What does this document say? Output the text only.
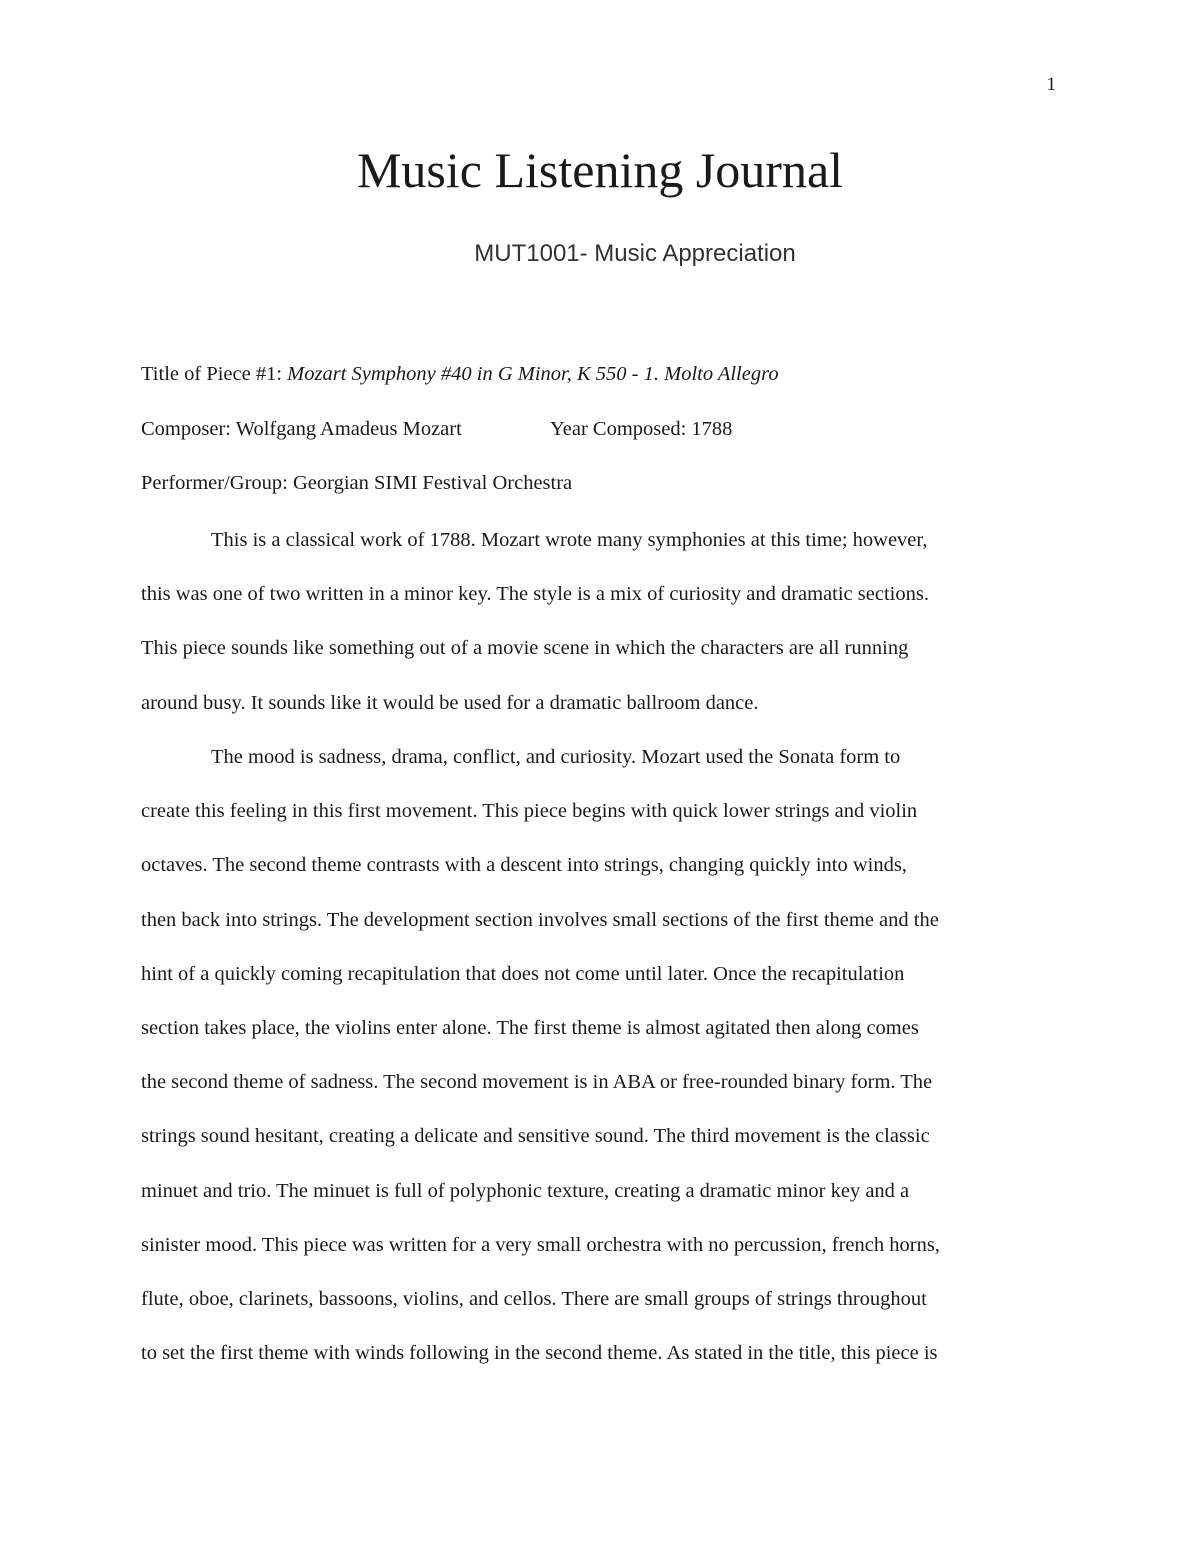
1
Music Listening Journal
MUT1001- Music Appreciation
Title of Piece #1: Mozart Symphony #40 in G Minor, K 550 - 1. Molto Allegro
Composer: Wolfgang Amadeus Mozart	Year Composed: 1788
Performer/Group: Georgian SIMI Festival Orchestra
This is a classical work of 1788. Mozart wrote many symphonies at this time; however,
this was one of two written in a minor key. The style is a mix of curiosity and dramatic sections.
This piece sounds like something out of a movie scene in which the characters are all running
around busy. It sounds like it would be used for a dramatic ballroom dance.
The mood is sadness, drama, conflict, and curiosity. Mozart used the Sonata form to
create this feeling in this first movement. This piece begins with quick lower strings and violin
octaves. The second theme contrasts with a descent into strings, changing quickly into winds,
then back into strings. The development section involves small sections of the first theme and the
hint of a quickly coming recapitulation that does not come until later. Once the recapitulation
section takes place, the violins enter alone. The first theme is almost agitated then along comes
the second theme of sadness. The second movement is in ABA or free-rounded binary form. The
strings sound hesitant, creating a delicate and sensitive sound. The third movement is the classic
minuet and trio. The minuet is full of polyphonic texture, creating a dramatic minor key and a
sinister mood. This piece was written for a very small orchestra with no percussion, french horns,
flute, oboe, clarinets, bassoons, violins, and cellos. There are small groups of strings throughout
to set the first theme with winds following in the second theme. As stated in the title, this piece is
